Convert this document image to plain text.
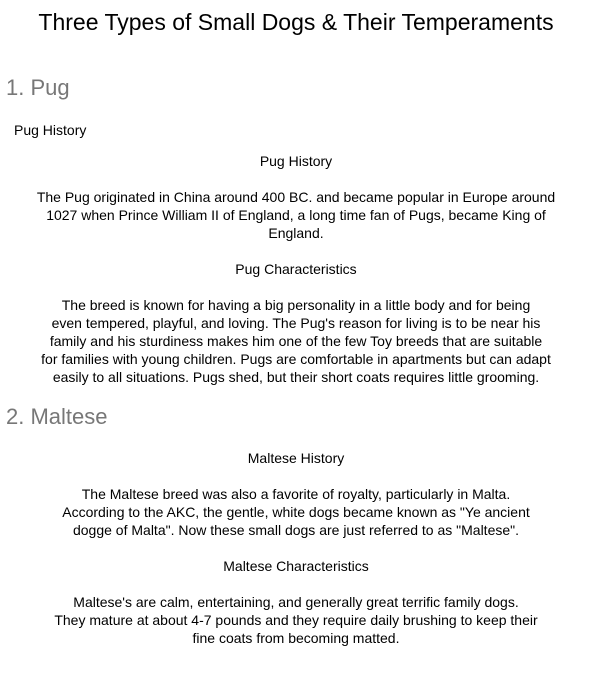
Three Types of Small Dogs & Their Temperaments
1. Pug
Pug History
Pug History
The Pug originated in China around 400 BC. and became popular in Europe around
1027 when Prince William II of England, a long time fan of Pugs, became King of
England.
Pug Characteristics
The breed is known for having a big personality in a little body and for being
even tempered, playful, and loving. The Pug's reason for living is to be near his
family and his sturdiness makes him one of the few Toy breeds that are suitable
for families with young children. Pugs are comfortable in apartments but can adapt
easily to all situations. Pugs shed, but their short coats requires little grooming.
2. Maltese
Maltese History
The Maltese breed was also a favorite of royalty, particularly in Malta.
According to the AKC, the gentle, white dogs became known as "Ye ancient
dogge of Malta". Now these small dogs are just referred to as "Maltese".
Maltese Characteristics
Maltese's are calm, entertaining, and generally great terrific family dogs.
They mature at about 4-7 pounds and they require daily brushing to keep their
fine coats from becoming matted.
